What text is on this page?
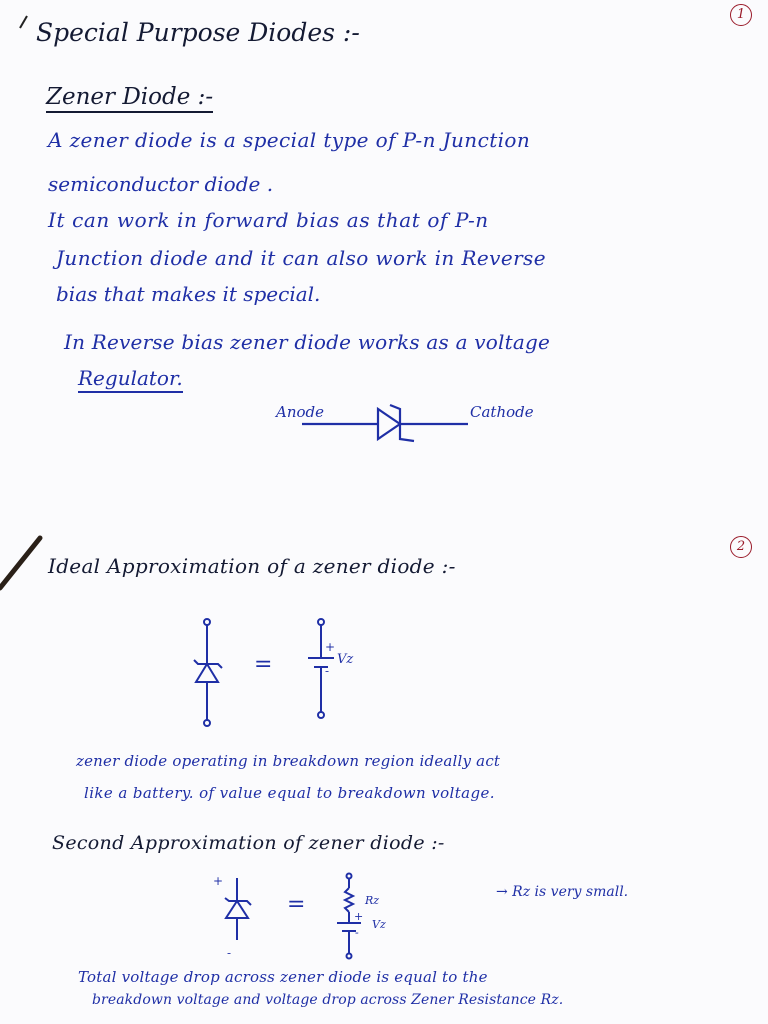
1
Special Purpose Diodes :-
Zener Diode :-
A zener diode is a special type of P-n Junction
semiconductor diode .
It can work in forward bias as that of P-n
Junction diode and it can also work in Reverse
bias that makes it special.
In Reverse bias zener diode works as a voltage
Regulator.
Anode	Cathode
2
Ideal Approximation of a zener diode :-
=
+
-
Vz
zener diode operating in breakdown region ideally act
like a battery. of value equal to breakdown voltage.
Second Approximation of zener diode :-
+
-
=	Rz
+
Vz
-
→ Rz is very small.
Total voltage drop across zener diode is equal to the
breakdown voltage and voltage drop across Zener Resistance Rz.
